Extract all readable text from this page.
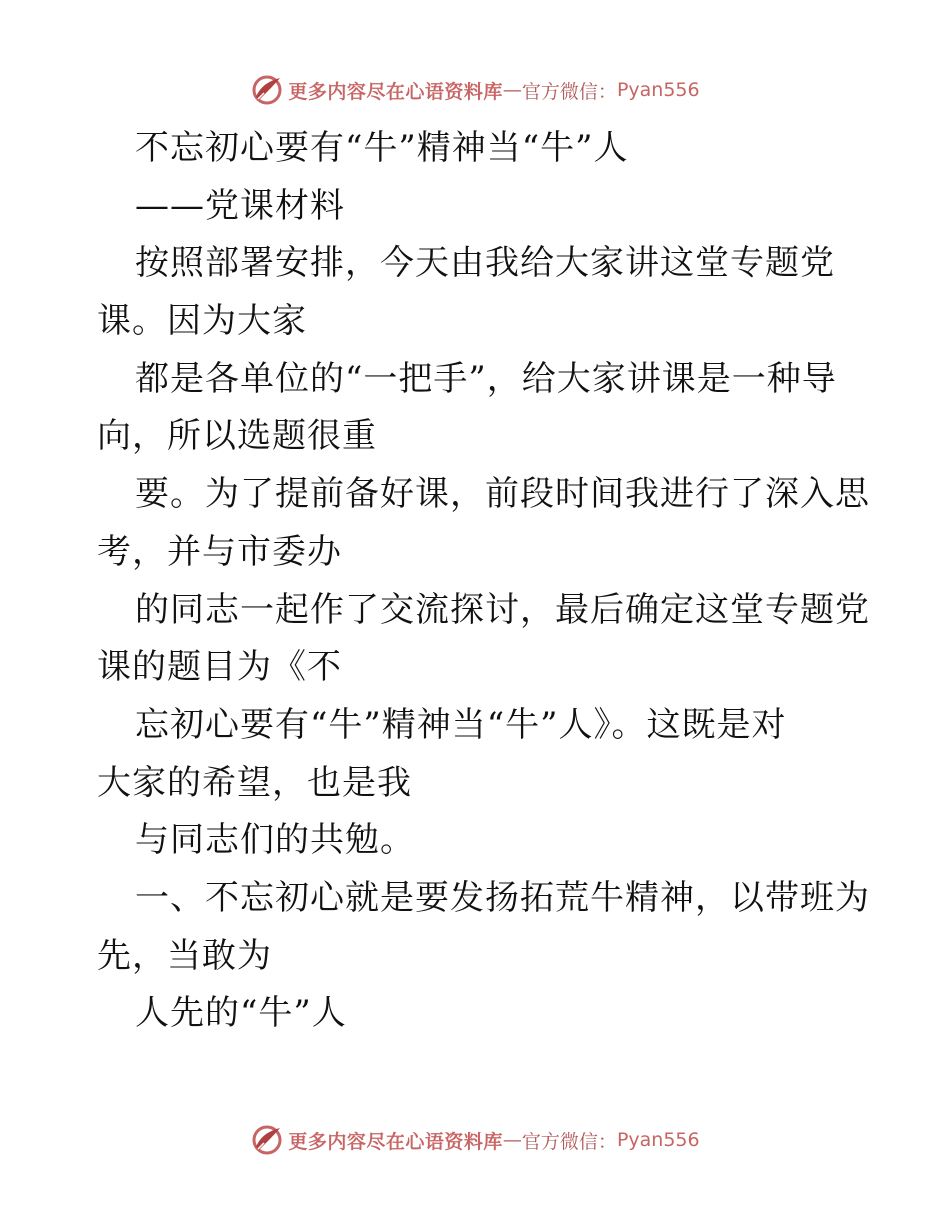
更多内容尽在心语资料库 — 官方微信： Pyan556
不忘初心要有“牛”精神当“牛”人
——党课材料
按照部署安排，今天由我给大家讲这堂专题党
课。因为大家
都是各单位的“一把手”，给大家讲课是一种导
向，所以选题很重
要。为了提前备好课，前段时间我进行了深入思
考，并与市委办
的同志一起作了交流探讨，最后确定这堂专题党
课的题目为《不
忘初心要有“牛”精神当“牛”人》。这既是对
大家的希望，也是我
与同志们的共勉。
一、不忘初心就是要发扬拓荒牛精神，以带班为
先，当敢为
人先的“牛”人
更多内容尽在心语资料库 — 官方微信： Pyan556
